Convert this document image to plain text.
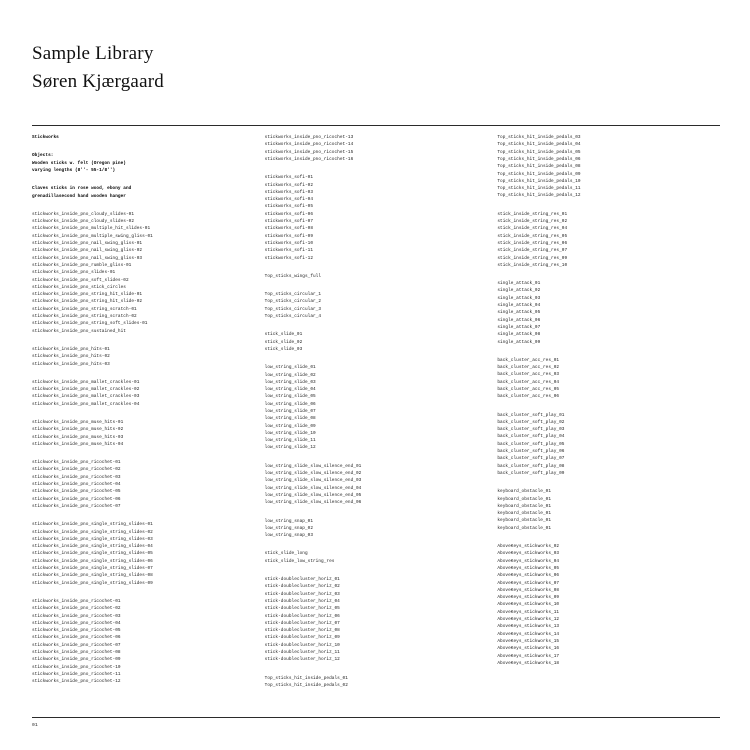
Sample Library
Søren Kjærgaard
Stickworks
Objects:
Wooden sticks w. felt (Oregon pine)
varying lengths (8''- 55-1/8'')
Claves sticks in rose wood, ebony and
grenadillasecond hand wooden hanger
stickworks_inside_pno_cloudy_slides-01
stickworks_inside_pno_cloudy_slides-02
stickworks_inside_pno_multiple_hit_slides-01
stickworks_inside_pno_multiple_swing_gliss-01
stickworks_inside_pno_nail_swing_gliss-01
stickworks_inside_pno_nail_swing_gliss-02
stickworks_inside_pno_nail_swing_gliss-03
stickworks_inside_pno_rumble_gliss-01
stickworks_inside_pno_slides-01
stickworks_inside_pno_soft_slides-02
stickworks_inside_pno_stick_circles
stickworks_inside_pno_string_hit_slide-01
stickworks_inside_pno_string_hit_slide-02
stickworks_inside_pno_string_scratch-01
stickworks_inside_pno_string_scratch-02
stickworks_inside_pno_string_soft_slides-01
stickworks_inside_pno_sustained_hit
stickworks_inside_pno_hits-01
stickworks_inside_pno_hits-02
stickworks_inside_pno_hits-03
stickworks_inside_pno_mallet_crackles-01
stickworks_inside_pno_mallet_crackles-02
stickworks_inside_pno_mallet_crackles-03
stickworks_inside_pno_mallet_crackles-04
stickworks_inside_pno_muse_hits-01
stickworks_inside_pno_muse_hits-02
stickworks_inside_pno_muse_hits-03
stickworks_inside_pno_muse_hits-04
stickworks_inside_pno_ricochet-01
stickworks_inside_pno_ricochet-02
stickworks_inside_pno_ricochet-03
stickworks_inside_pno_ricochet-04
stickworks_inside_pno_ricochet-05
stickworks_inside_pno_ricochet-06
stickworks_inside_pno_ricochet-07
stickworks_inside_pno_single_string_slides-01
stickworks_inside_pno_single_string_slides-02
stickworks_inside_pno_single_string_slides-03
stickworks_inside_pno_single_string_slides-04
stickworks_inside_pno_single_string_slides-05
stickworks_inside_pno_single_string_slides-06
stickworks_inside_pno_single_string_slides-07
stickworks_inside_pno_single_string_slides-08
stickworks_inside_pno_single_string_slides-09
stickworks_inside_pno_ricochet-01
stickworks_inside_pno_ricochet-02
stickworks_inside_pno_ricochet-03
stickworks_inside_pno_ricochet-04
stickworks_inside_pno_ricochet-05
stickworks_inside_pno_ricochet-06
stickworks_inside_pno_ricochet-07
stickworks_inside_pno_ricochet-08
stickworks_inside_pno_ricochet-09
stickworks_inside_pno_ricochet-10
stickworks_inside_pno_ricochet-11
stickworks_inside_pno_ricochet-12
stickworks_inside_pno_ricochet-13
stickworks_inside_pno_ricochet-14
stickworks_inside_pno_ricochet-15
stickworks_inside_pno_ricochet-16
stickworks_sofi-01
stickworks_sofi-02
stickworks_sofi-03
stickworks_sofi-04
stickworks_sofi-05
stickworks_sofi-06
stickworks_sofi-07
stickworks_sofi-08
stickworks_sofi-09
stickworks_sofi-10
stickworks_sofi-11
stickworks_sofi-12
Top_sticks_wings_full
Top_sticks_circular_1
Top_sticks_circular_2
Top_sticks_circular_3
Top_sticks_circular_4
stick_slide_01
stick_slide_02
stick_slide_03
low_string_slide_01
low_string_slide_02
low_string_slide_03
low_string_slide_04
low_string_slide_05
low_string_slide_06
low_string_slide_07
low_string_slide_08
low_string_slide_09
low_string_slide_10
low_string_slide_11
low_string_slide_12
low_string_slide_slow_silence_end_01
low_string_slide_slow_silence_end_02
low_string_slide_slow_silence_end_03
low_string_slide_slow_silence_end_04
low_string_slide_slow_silence_end_05
low_string_slide_slow_silence_end_06
low_string_snap_01
low_string_snap_02
low_string_snap_03
stick_slide_long
stick_slide_low_string_res
stick-doublecluster_horiz_01
stick-doublecluster_horiz_02
stick-doublecluster_horiz_03
stick-doublecluster_horiz_04
stick-doublecluster_horiz_05
stick-doublecluster_horiz_06
stick-doublecluster_horiz_07
stick-doublecluster_horiz_08
stick-doublecluster_horiz_09
stick-doublecluster_horiz_10
stick-doublecluster_horiz_11
stick-doublecluster_horiz_12
Top_sticks_hit_inside_pedals_01
Top_sticks_hit_inside_pedals_02
Top_sticks_hit_inside_pedals_03
Top_sticks_hit_inside_pedals_04
Top_sticks_hit_inside_pedals_05
Top_sticks_hit_inside_pedals_06
Top_sticks_hit_inside_pedals_08
Top_sticks_hit_inside_pedals_09
Top_sticks_hit_inside_pedals_10
Top_sticks_hit_inside_pedals_11
Top_sticks_hit_inside_pedals_12
stick_inside_string_res_01
stick_inside_string_res_02
stick_inside_string_res_04
stick_inside_string_res_05
stick_inside_string_res_06
stick_inside_string_res_07
stick_inside_string_res_09
stick_inside_string_res_10
single_attack_01
single_attack_02
single_attack_03
single_attack_04
single_attack_05
single_attack_06
single_attack_07
single_attack_08
single_attack_09
back_cluster_acc_res_01
back_cluster_acc_res_02
back_cluster_acc_res_03
back_cluster_acc_res_04
back_cluster_acc_res_05
back_cluster_acc_res_06
back_cluster_soft_play_01
back_cluster_soft_play_02
back_cluster_soft_play_03
back_cluster_soft_play_04
back_cluster_soft_play_05
back_cluster_soft_play_06
back_cluster_soft_play_07
back_cluster_soft_play_08
back_cluster_soft_play_09
keyboard_obstacle_01
keyboard_obstacle_01
keyboard_obstacle_01
keyboard_obstacle_01
keyboard_obstacle_01
keyboard_obstacle_01
AboveKeys_stickworks_02
AboveKeys_stickworks_03
AboveKeys_stickworks_04
AboveKeys_stickworks_05
AboveKeys_stickworks_06
AboveKeys_stickworks_07
AboveKeys_stickworks_08
AboveKeys_stickworks_09
AboveKeys_stickworks_10
AboveKeys_stickworks_11
AboveKeys_stickworks_12
AboveKeys_stickworks_13
AboveKeys_stickworks_14
AboveKeys_stickworks_15
AboveKeys_stickworks_16
AboveKeys_stickworks_17
AboveKeys_stickworks_18
01
